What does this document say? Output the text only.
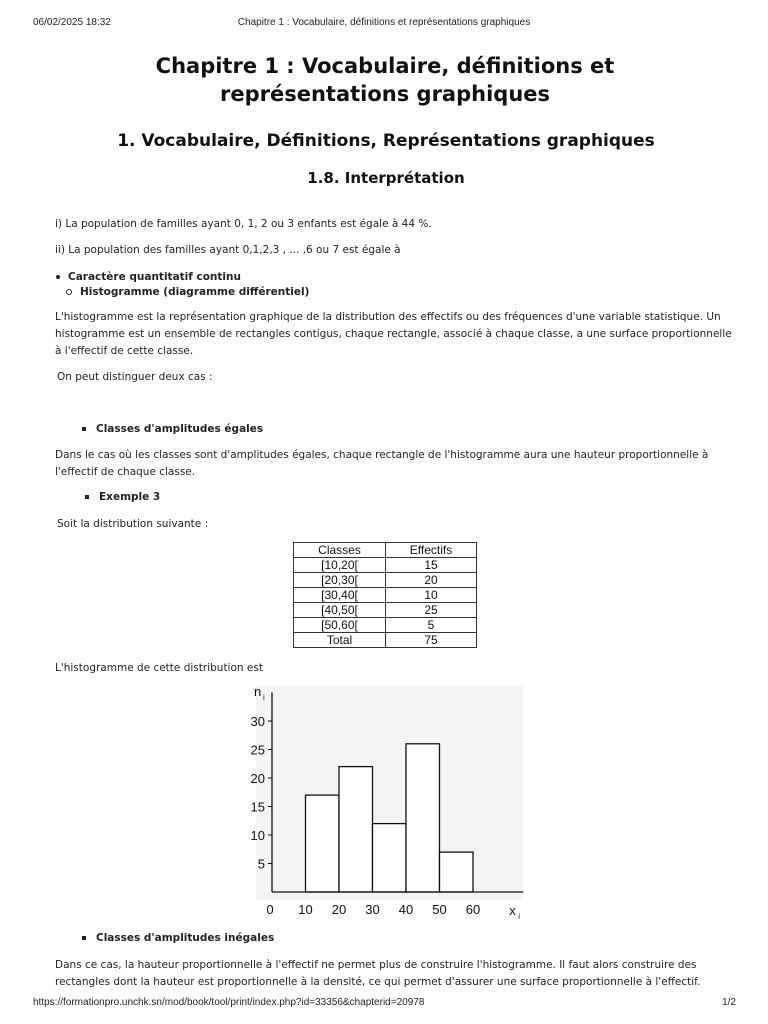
06/02/2025 18:32	Chapitre 1 : Vocabulaire, définitions et représentations graphiques
Chapitre 1 : Vocabulaire, définitions et représentations graphiques
1. Vocabulaire, Définitions, Représentations graphiques
1.8. Interprétation
i) La population de familles ayant 0, 1, 2 ou 3 enfants est égale à 44 %.
ii) La population des familles ayant 0,1,2,3 , ... ,6 ou 7 est égale à
Caractère quantitatif continu
Histogramme (diagramme différentiel)
L'histogramme est la représentation graphique de la distribution des effectifs ou des fréquences d'une variable statistique. Un histogramme est un ensemble de rectangles contigus, chaque rectangle, associé à chaque classe, a une surface proportionnelle à l'effectif de cette classe.
On peut distinguer deux cas :
Classes d'amplitudes égales
Dans le cas où les classes sont d'amplitudes égales, chaque rectangle de l'histogramme aura une hauteur proportionnelle à l'effectif de chaque classe.
Exemple 3
Soit la distribution suivante :
Classes	Effectifs
[10,20[	15
[20,30[	20
[30,40[	10
[40,50[	25
[50,60[	5
Total	75
L'histogramme de cette distribution est
5
10
15
20
25
30
0 10 20 30 40 50 60
n i
x i
Classes d'amplitudes inégales
Dans ce cas, la hauteur proportionnelle à l'effectif ne permet plus de construire l'histogramme. Il faut alors construire des rectangles dont la hauteur est proportionnelle à la densité, ce qui permet d'assurer une surface proportionnelle à l'effectif.
https://formationpro.unchk.sn/mod/book/tool/print/index.php?id=33356&chapterid=20978	1/2
